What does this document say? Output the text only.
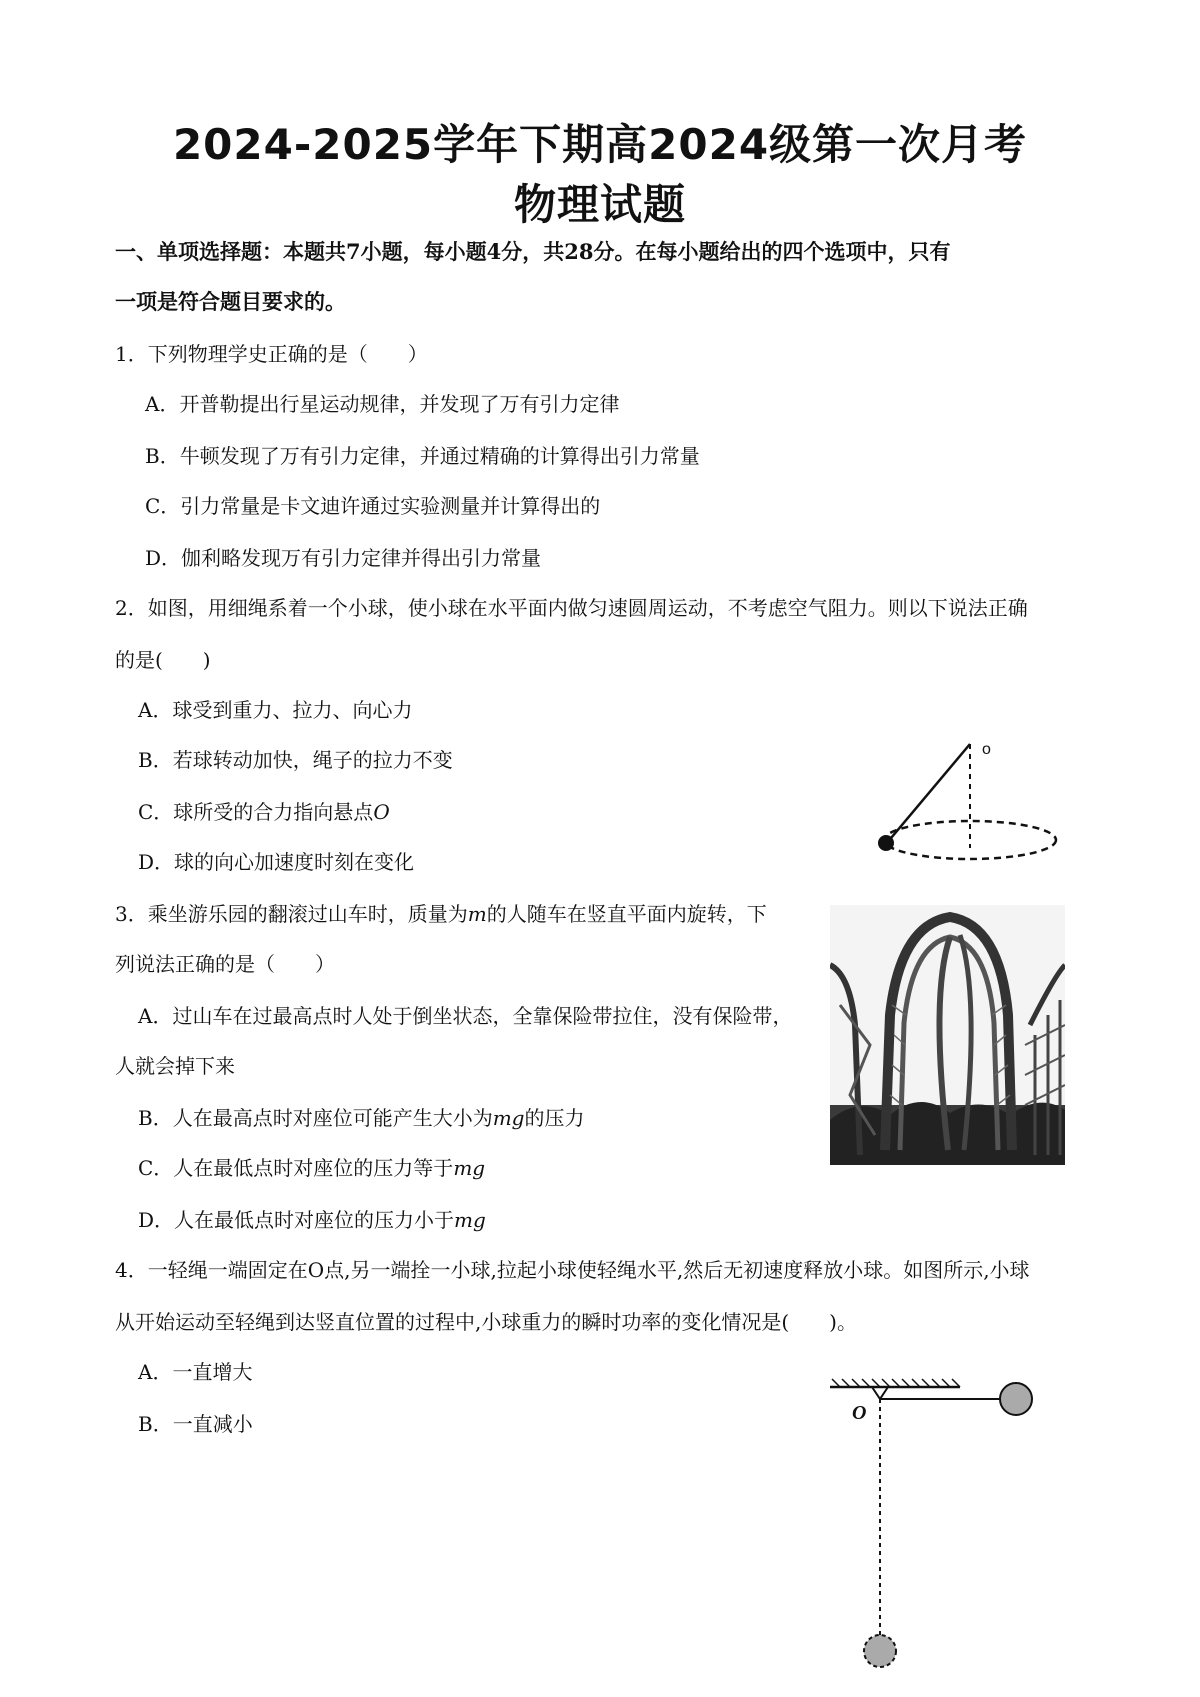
2024-2025学年下期高2024级第一次月考
物理试题
一、单项选择题：本题共7小题，每小题4分，共28分。在每小题给出的四个选项中，只有
一项是符合题目要求的。
1．下列物理学史正确的是（　　）
A．开普勒提出行星运动规律，并发现了万有引力定律
B．牛顿发现了万有引力定律，并通过精确的计算得出引力常量
C．引力常量是卡文迪许通过实验测量并计算得出的
D．伽利略发现万有引力定律并得出引力常量
2．如图，用细绳系着一个小球，使小球在水平面内做匀速圆周运动，不考虑空气阻力。则以下说法正确
的是(　　)
A．球受到重力、拉力、向心力
B．若球转动加快，绳子的拉力不变
C．球所受的合力指向悬点O
D．球的向心加速度时刻在变化
o
3．乘坐游乐园的翻滚过山车时，质量为m的人随车在竖直平面内旋转，下
列说法正确的是（　　）
A．过山车在过最高点时人处于倒坐状态，全靠保险带拉住，没有保险带，
人就会掉下来
B．人在最高点时对座位可能产生大小为mg的压力
C．人在最低点时对座位的压力等于mg
D．人在最低点时对座位的压力小于mg
4．一轻绳一端固定在O点,另一端拴一小球,拉起小球使轻绳水平,然后无初速度释放小球。如图所示,小球
从开始运动至轻绳到达竖直位置的过程中,小球重力的瞬时功率的变化情况是(　　)。
A．一直增大
B．一直减小	O
